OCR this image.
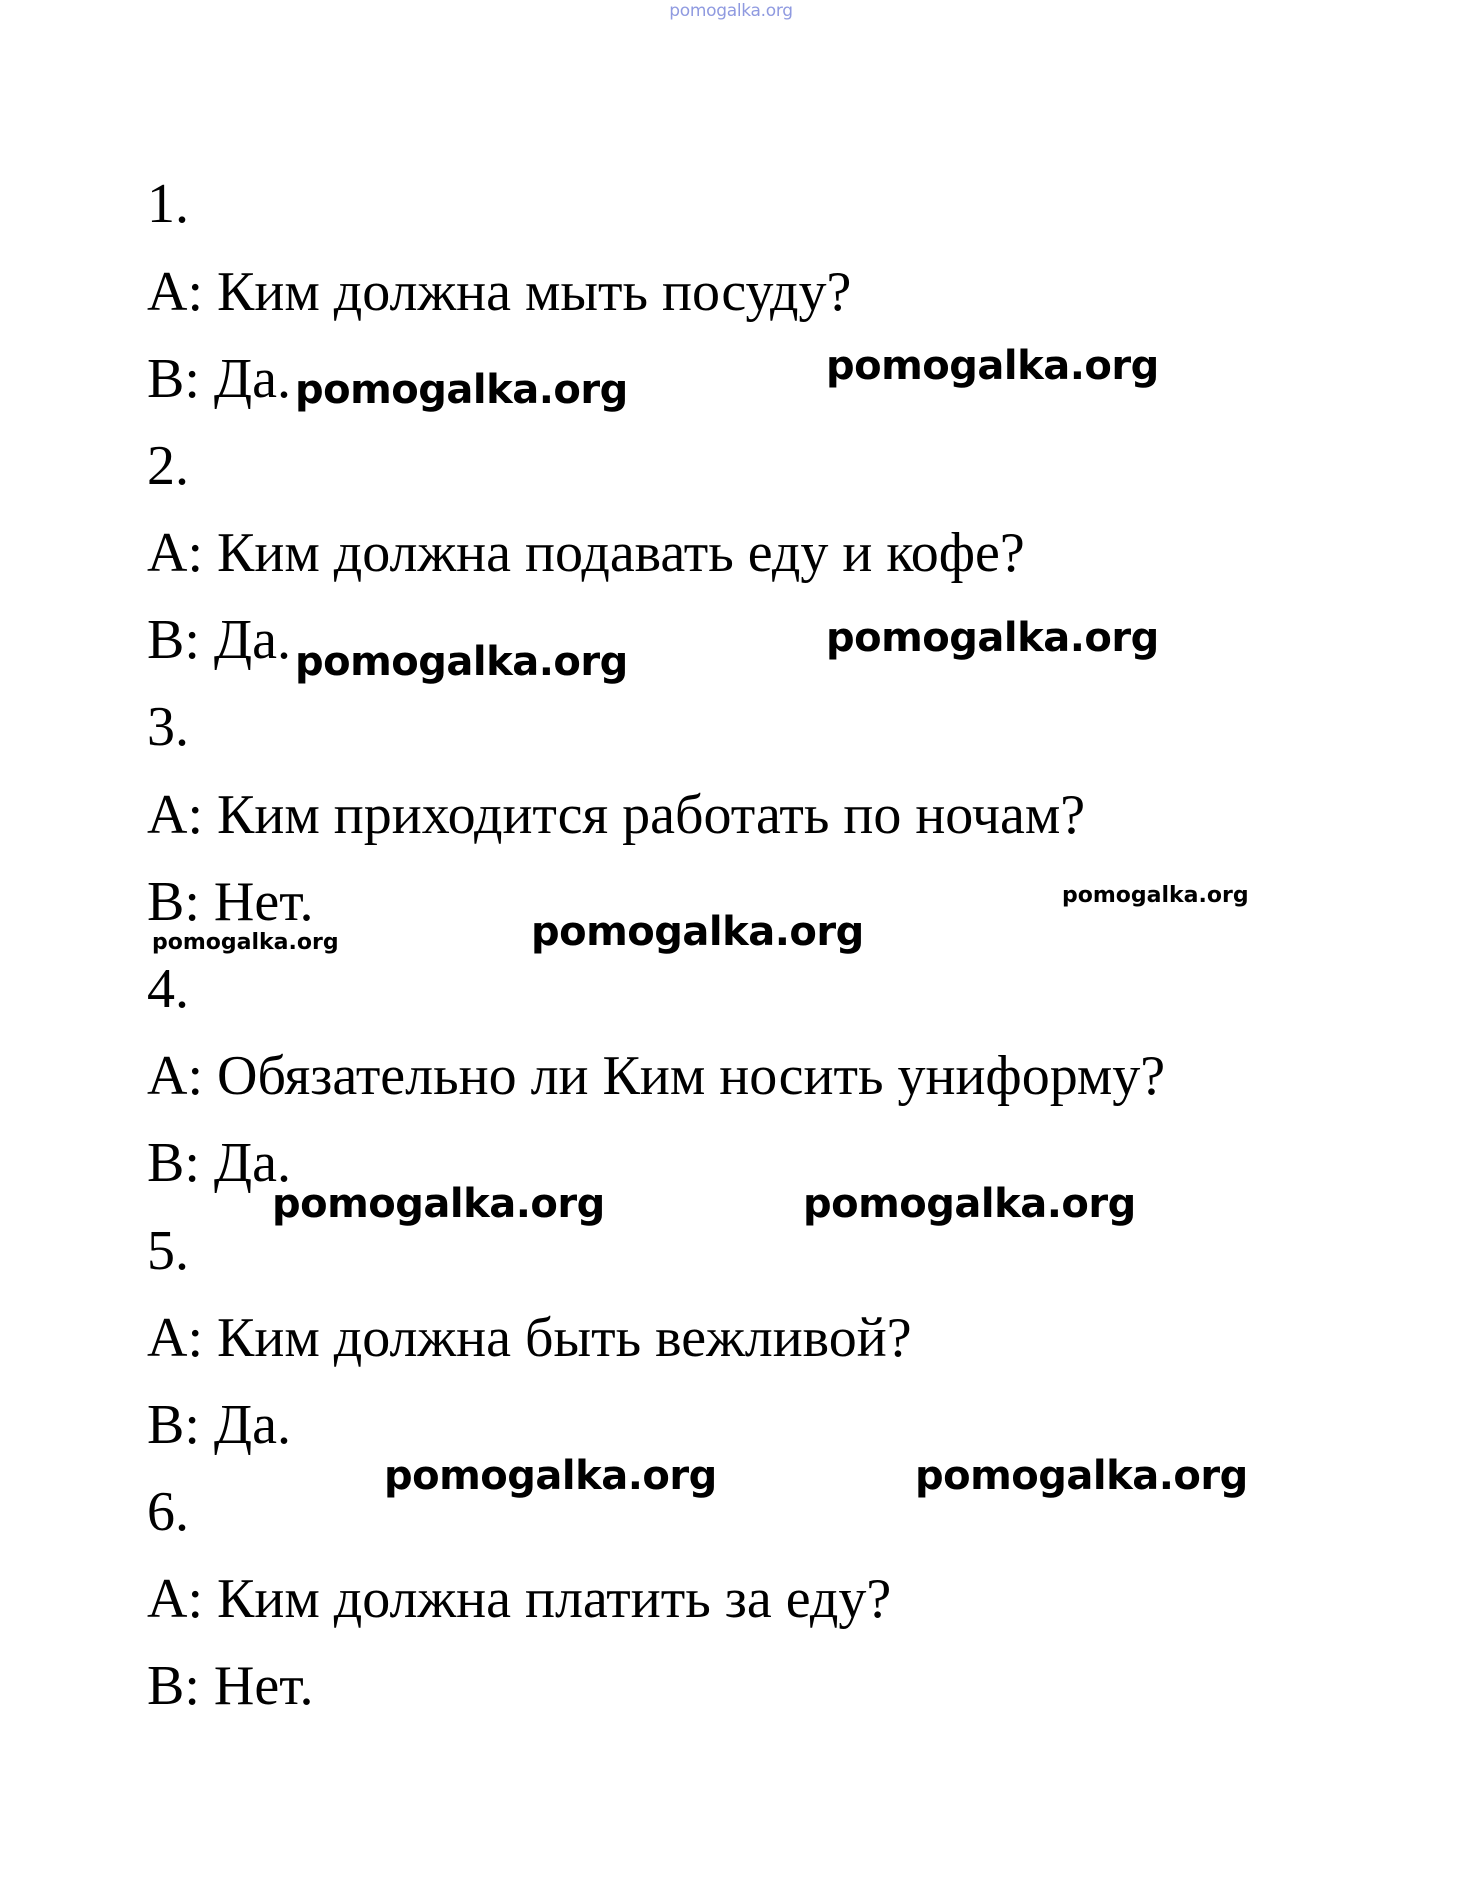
pomogalka.org
1.
A: Ким должна мыть посуду?
B: Да.
2.
A: Ким должна подавать еду и кофе?
B: Да.
3.
A: Ким приходится работать по ночам?
B: Нет.
4.
A: Обязательно ли Ким носить униформу?
B: Да.
5.
A: Ким должна быть вежливой?
B: Да.
6.
A: Ким должна платить за еду?
B: Нет.
pomogalka.org
pomogalka.org
pomogalka.org
pomogalka.org
pomogalka.org
pomogalka.org	pomogalka.org
pomogalka.org	pomogalka.org
pomogalka.org	pomogalka.org
